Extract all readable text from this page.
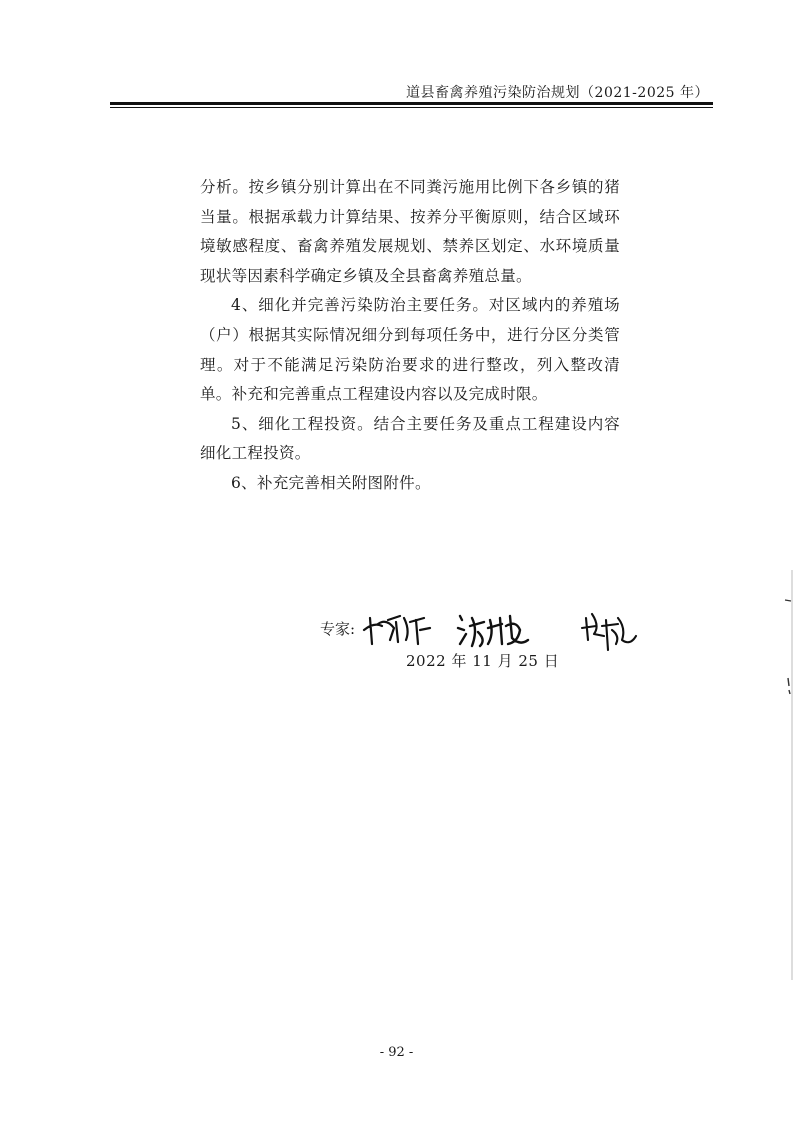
道县畜禽养殖污染防治规划（2021-2025 年）

分析。按乡镇分别计算出在不同粪污施用比例下各乡镇的猪当量。根据承载力计算结果、按养分平衡原则，结合区域环境敏感程度、畜禽养殖发展规划、禁养区划定、水环境质量现状等因素科学确定乡镇及全县畜禽养殖总量。

4、细化并完善污染防治主要任务。对区域内的养殖场（户）根据其实际情况细分到每项任务中，进行分区分类管理。对于不能满足污染防治要求的进行整改，列入整改清单。补充和完善重点工程建设内容以及完成时限。

5、细化工程投资。结合主要任务及重点工程建设内容细化工程投资。

6、补充完善相关附图附件。

专家:
2022 年 11 月 25 日
- 92 -
